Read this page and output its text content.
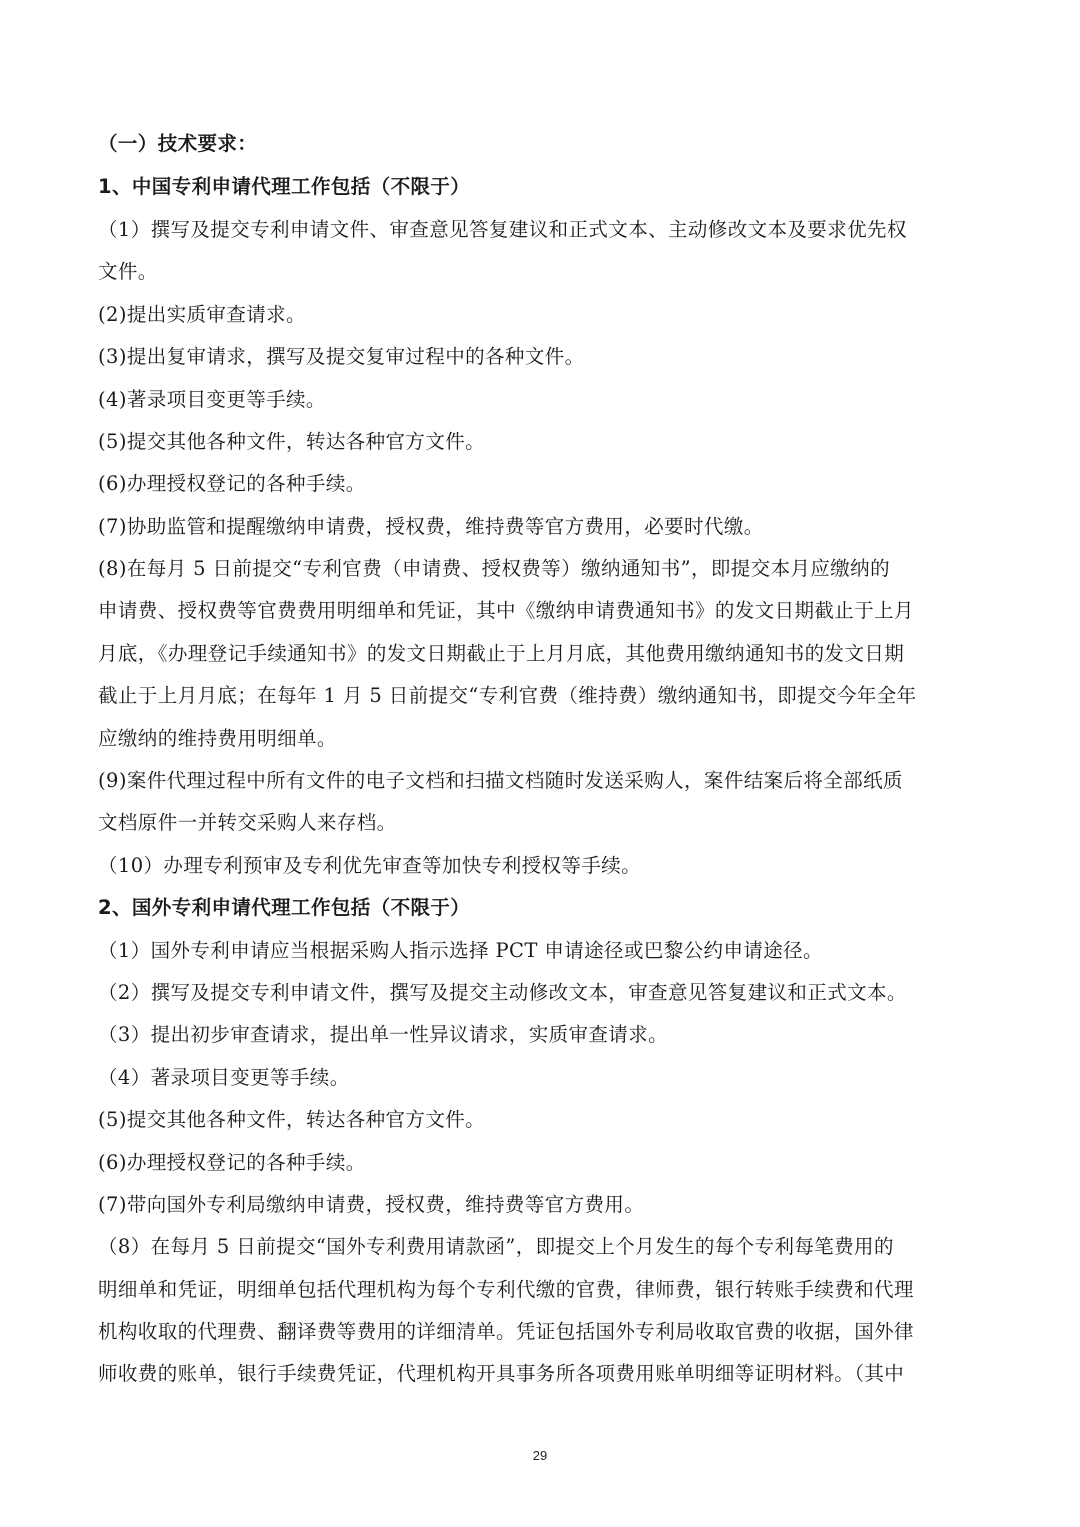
（一）技术要求：
1、中国专利申请代理工作包括（不限于）
（1）撰写及提交专利申请文件、审查意见答复建议和正式文本、主动修改文本及要求优先权
文件。
(2)提出实质审查请求。
(3)提出复审请求，撰写及提交复审过程中的各种文件。
(4)著录项目变更等手续。
(5)提交其他各种文件，转达各种官方文件。
(6)办理授权登记的各种手续。
(7)协助监管和提醒缴纳申请费，授权费，维持费等官方费用，必要时代缴。
(8)在每月 5 日前提交“专利官费（申请费、授权费等）缴纳通知书”，即提交本月应缴纳的
申请费、授权费等官费费用明细单和凭证，其中《缴纳申请费通知书》的发文日期截止于上月
月底，《办理登记手续通知书》的发文日期截止于上月月底，其他费用缴纳通知书的发文日期
截止于上月月底；在每年 1 月 5 日前提交“专利官费（维持费）缴纳通知书，即提交今年全年
应缴纳的维持费用明细单。
(9)案件代理过程中所有文件的电子文档和扫描文档随时发送采购人，案件结案后将全部纸质
文档原件一并转交采购人来存档。
（10）办理专利预审及专利优先审查等加快专利授权等手续。
2、国外专利申请代理工作包括（不限于）
（1）国外专利申请应当根据采购人指示选择 PCT 申请途径或巴黎公约申请途径。
（2）撰写及提交专利申请文件，撰写及提交主动修改文本，审查意见答复建议和正式文本。
（3）提出初步审查请求，提出单一性异议请求，实质审查请求。
（4）著录项目变更等手续。
(5)提交其他各种文件，转达各种官方文件。
(6)办理授权登记的各种手续。
(7)带向国外专利局缴纳申请费，授权费，维持费等官方费用。
（8）在每月 5 日前提交“国外专利费用请款函”，即提交上个月发生的每个专利每笔费用的
明细单和凭证，明细单包括代理机构为每个专利代缴的官费，律师费，银行转账手续费和代理
机构收取的代理费、翻译费等费用的详细清单。凭证包括国外专利局收取官费的收据，国外律
师收费的账单，银行手续费凭证，代理机构开具事务所各项费用账单明细等证明材料。（其中
29
